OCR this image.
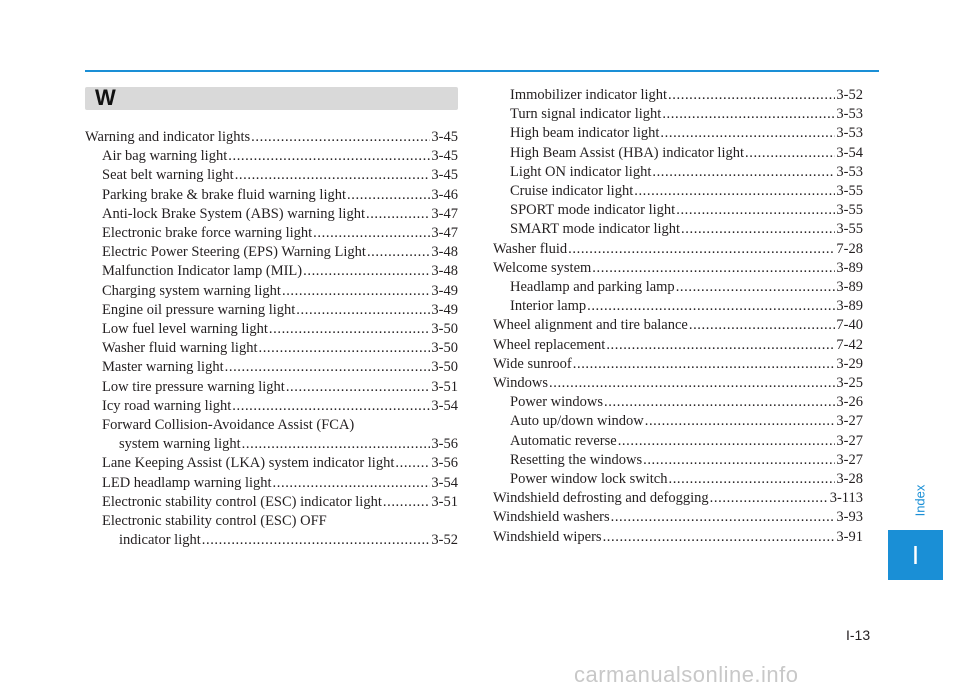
W
Warning and indicator lights .....	3-45
Air bag warning light .....	3-45
Seat belt warning light .....	3-45
Parking brake & brake fluid warning light .....	3-46
Anti-lock Brake System (ABS) warning light .....	3-47
Electronic brake force warning light .....	3-47
Electric Power Steering (EPS) Warning Light .....	3-48
Malfunction Indicator lamp (MIL) .....	3-48
Charging system warning light .....	3-49
Engine oil pressure warning light .....	3-49
Low fuel level warning light .....	3-50
Washer fluid warning light .....	3-50
Master warning light .....	3-50
Low tire pressure warning light .....	3-51
Icy road warning light .....	3-54
Forward Collision-Avoidance Assist (FCA)
system warning light .....	3-56
Lane Keeping Assist (LKA) system indicator light .....	3-56
LED headlamp warning light .....	3-54
Electronic stability control (ESC) indicator light .....	3-51
Electronic stability control (ESC) OFF
indicator light .....	3-52
Immobilizer indicator light .....	3-52
Turn signal indicator light .....	3-53
High beam indicator light .....	3-53
High Beam Assist (HBA) indicator light .....	3-54
Light ON indicator light .....	3-53
Cruise indicator light .....	3-55
SPORT mode indicator light .....	3-55
SMART mode indicator light .....	3-55
Washer fluid .....	7-28
Welcome system .....	3-89
Headlamp and parking lamp .....	3-89
Interior lamp .....	3-89
Wheel alignment and tire balance .....	7-40
Wheel replacement .....	7-42
Wide sunroof .....	3-29
Windows .....	3-25
Power windows .....	3-26
Auto up/down window .....	3-27
Automatic reverse .....	3-27
Resetting the windows .....	3-27
Power window lock switch .....	3-28
Windshield defrosting and defogging .....	3-113
Windshield washers .....	3-93
Windshield wipers .....	3-91
Index
I
I-13
carmanualsonline.info
